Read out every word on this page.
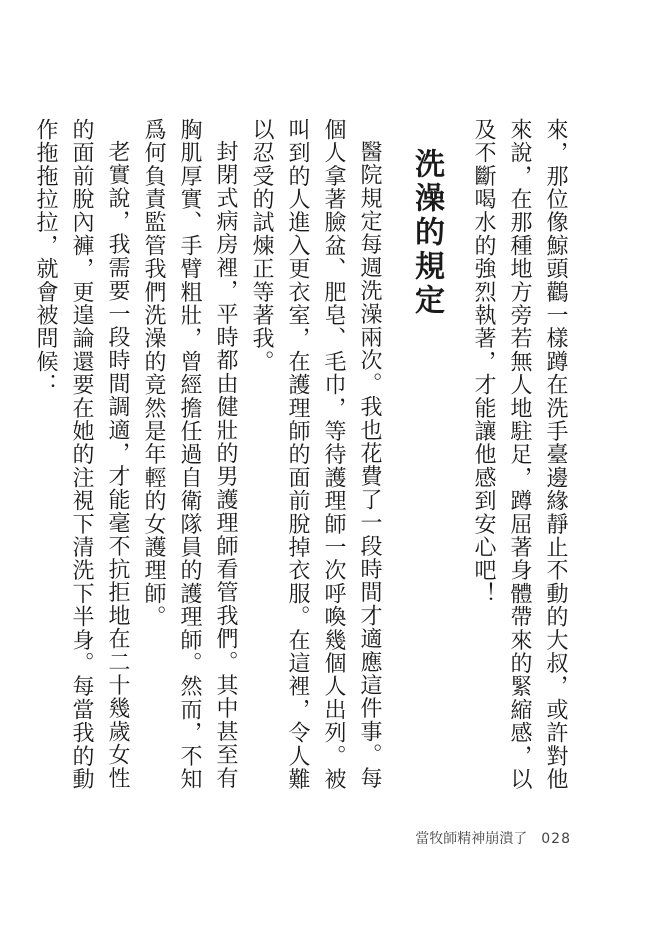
來，那位像鯨頭鸛一樣蹲在洗手臺邊緣靜止不動的大叔，或許對他來說，在那種地方旁若無人地駐足，蹲屈著身體帶來的緊縮感，以及不斷喝水的強烈執著，才能讓他感到安心吧！

洗澡的規定

醫院規定每週洗澡兩次。我也花費了一段時間才適應這件事。每個人拿著臉盆、肥皂、毛巾，等待護理師一次呼喚幾個人出列。被叫到的人進入更衣室，在護理師的面前脫掉衣服。在這裡，令人難以忍受的試煉正等著我。

封閉式病房裡，平時都由健壯的男護理師看管我們。其中甚至有胸肌厚實、手臂粗壯，曾經擔任過自衛隊員的護理師。然而，不知爲何負責監管我們洗澡的竟然是年輕的女護理師。

老實說，我需要一段時間調適，才能毫不抗拒地在二十幾歲女性的面前脫內褲，更遑論還要在她的注視下清洗下半身。每當我的動作拖拖拉拉，就會被問候：

當牧師精神崩潰了 028
